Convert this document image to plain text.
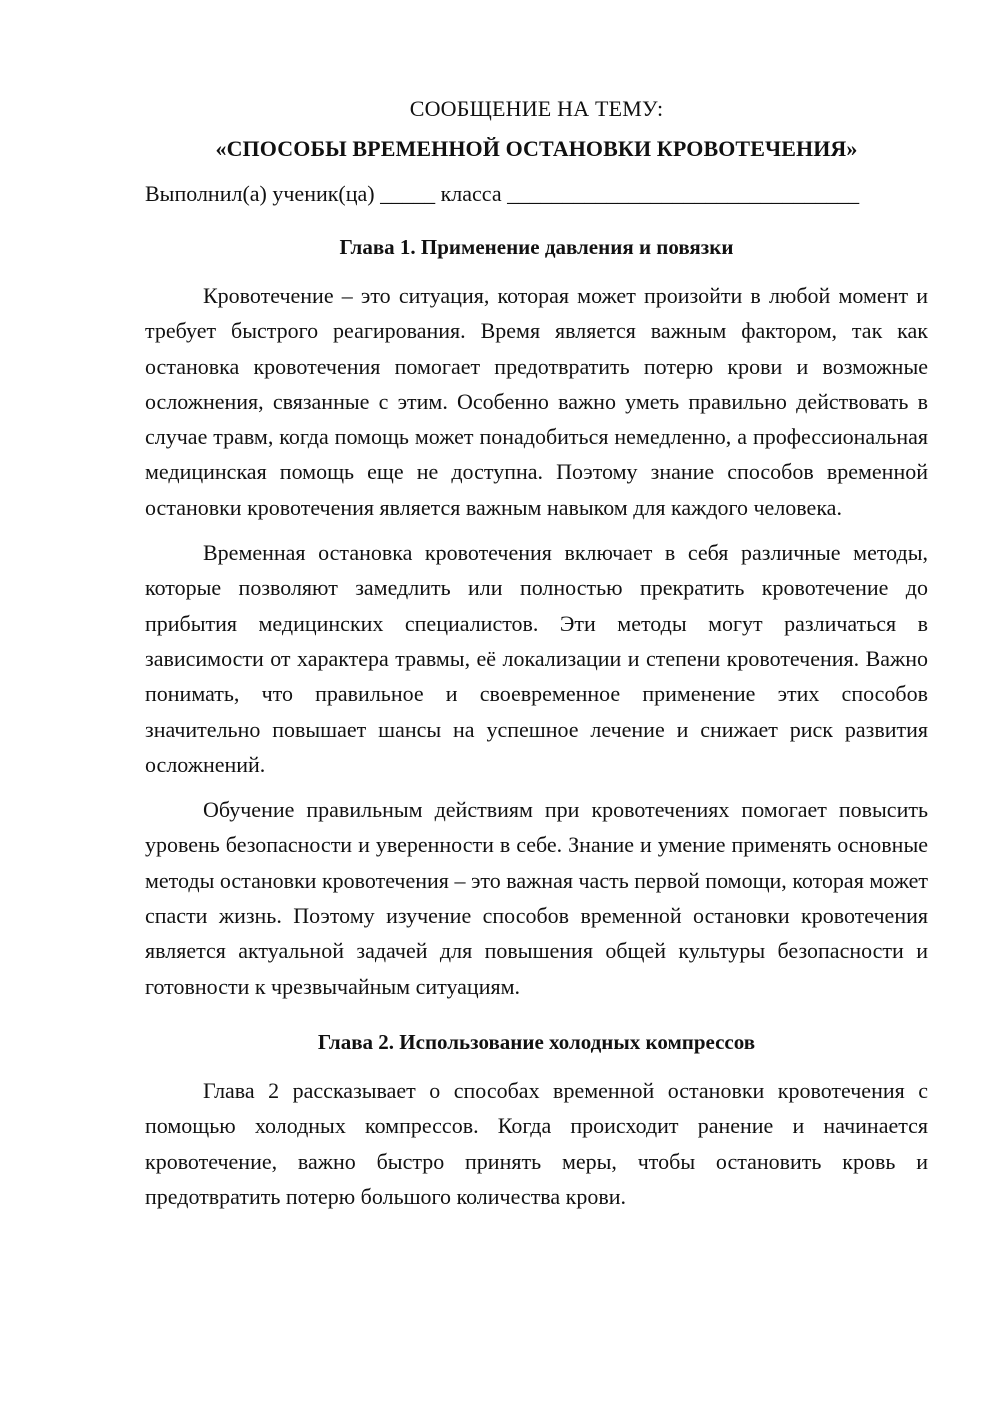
СООБЩЕНИЕ НА ТЕМУ:

«СПОСОБЫ ВРЕМЕННОЙ ОСТАНОВКИ КРОВОТЕЧЕНИЯ»

Выполнил(а) ученик(ца) _____ класса ________________________________

Глава 1. Применение давления и повязки

Кровотечение – это ситуация, которая может произойти в любой момент и требует быстрого реагирования. Время является важным фактором, так как остановка кровотечения помогает предотвратить потерю крови и возможные осложнения, связанные с этим. Особенно важно уметь правильно действовать в случае травм, когда помощь может понадобиться немедленно, а профессиональная медицинская помощь еще не доступна. Поэтому знание способов временной остановки кровотечения является важным навыком для каждого человека.

Временная остановка кровотечения включает в себя различные методы, которые позволяют замедлить или полностью прекратить кровотечение до прибытия медицинских специалистов. Эти методы могут различаться в зависимости от характера травмы, её локализации и степени кровотечения. Важно понимать, что правильное и своевременное применение этих способов значительно повышает шансы на успешное лечение и снижает риск развития осложнений.

Обучение правильным действиям при кровотечениях помогает повысить уровень безопасности и уверенности в себе. Знание и умение применять основные методы остановки кровотечения – это важная часть первой помощи, которая может спасти жизнь. Поэтому изучение способов временной остановки кровотечения является актуальной задачей для повышения общей культуры безопасности и готовности к чрезвычайным ситуациям.

Глава 2. Использование холодных компрессов

Глава 2 рассказывает о способах временной остановки кровотечения с помощью холодных компрессов. Когда происходит ранение и начинается кровотечение, важно быстро принять меры, чтобы остановить кровь и предотвратить потерю большого количества крови.
